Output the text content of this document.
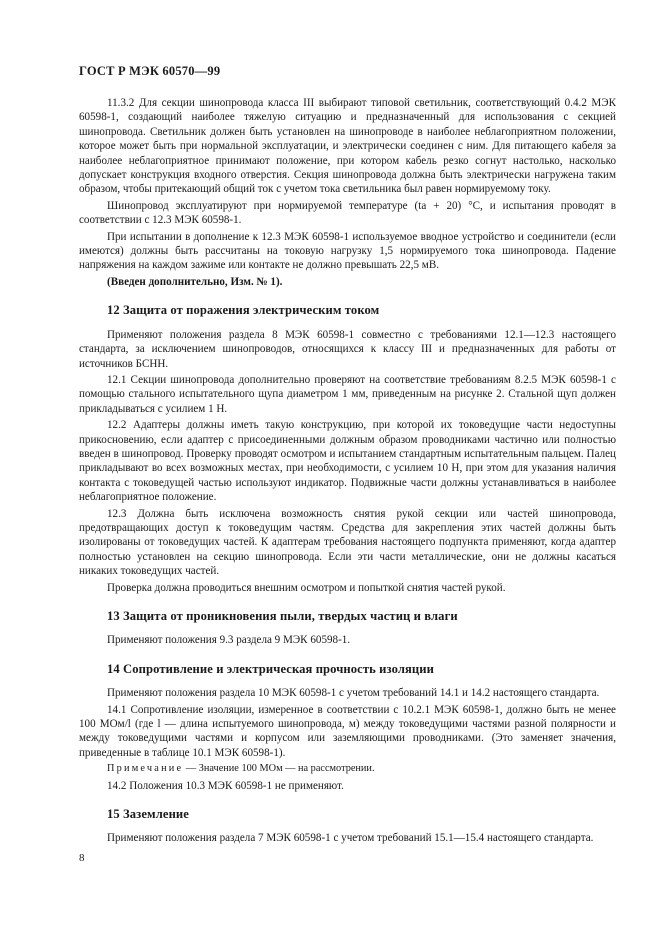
ГОСТ Р МЭК 60570—99

11.3.2 Для секции шинопровода класса III выбирают типовой светильник, соответствующий 0.4.2 МЭК 60598-1, создающий наиболее тяжелую ситуацию и предназначенный для использования с секцией шинопровода. Светильник должен быть установлен на шинопроводе в наиболее неблагоприятном положении, которое может быть при нормальной эксплуатации, и электрически соединен с ним. Для питающего кабеля за наиболее неблагоприятное принимают положение, при котором кабель резко согнут настолько, насколько допускает конструкция входного отверстия. Секция шинопровода должна быть электрически нагружена таким образом, чтобы притекающий общий ток с учетом тока светильника был равен нормируемому току.

Шинопровод эксплуатируют при нормируемой температуре (tа + 20) °С, и испытания проводят в соответствии с 12.3 МЭК 60598-1.

При испытании в дополнение к 12.3 МЭК 60598-1 используемое вводное устройство и соединители (если имеются) должны быть рассчитаны на токовую нагрузку 1,5 нормируемого тока шинопровода. Падение напряжения на каждом зажиме или контакте не должно превышать 22,5 мВ.

(Введен дополнительно, Изм. № 1).

12 Защита от поражения электрическим током

Применяют положения раздела 8 МЭК 60598-1 совместно с требованиями 12.1—12.3 настоящего стандарта, за исключением шинопроводов, относящихся к классу III и предназначенных для работы от источников БСНН.

12.1 Секции шинопровода дополнительно проверяют на соответствие требованиям 8.2.5 МЭК 60598-1 с помощью стального испытательного щупа диаметром 1 мм, приведенным на рисунке 2. Стальной щуп должен прикладываться с усилием 1 Н.

12.2 Адаптеры должны иметь такую конструкцию, при которой их токоведущие части недоступны прикосновению, если адаптер с присоединенными должным образом проводниками частично или полностью введен в шинопровод. Проверку проводят осмотром и испытанием стандартным испытательным пальцем. Палец прикладывают во всех возможных местах, при необходимости, с усилием 10 Н, при этом для указания наличия контакта с токоведущей частью используют индикатор. Подвижные части должны устанавливаться в наиболее неблагоприятное положение.

12.3 Должна быть исключена возможность снятия рукой секции или частей шинопровода, предотвращающих доступ к токоведущим частям. Средства для закрепления этих частей должны быть изолированы от токоведущих частей. К адаптерам требования настоящего подпункта применяют, когда адаптер полностью установлен на секцию шинопровода. Если эти части металлические, они не должны касаться никаких токоведущих частей.

Проверка должна проводиться внешним осмотром и попыткой снятия частей рукой.

13 Защита от проникновения пыли, твердых частиц и влаги

Применяют положения 9.3 раздела 9 МЭК 60598-1.

14 Сопротивление и электрическая прочность изоляции

Применяют положения раздела 10 МЭК 60598-1 с учетом требований 14.1 и 14.2 настоящего стандарта.

14.1 Сопротивление изоляции, измеренное в соответствии с 10.2.1 МЭК 60598-1, должно быть не менее 100 МОм/l (где l — длина испытуемого шинопровода, м) между токоведущими частями разной полярности и между токоведущими частями и корпусом или заземляющими проводниками. (Это заменяет значения, приведенные в таблице 10.1 МЭК 60598-1).

Примечание — Значение 100 МОм — на рассмотрении.

14.2 Положения 10.3 МЭК 60598-1 не применяют.

15 Заземление

Применяют положения раздела 7 МЭК 60598-1 с учетом требований 15.1—15.4 настоящего стандарта.

8
